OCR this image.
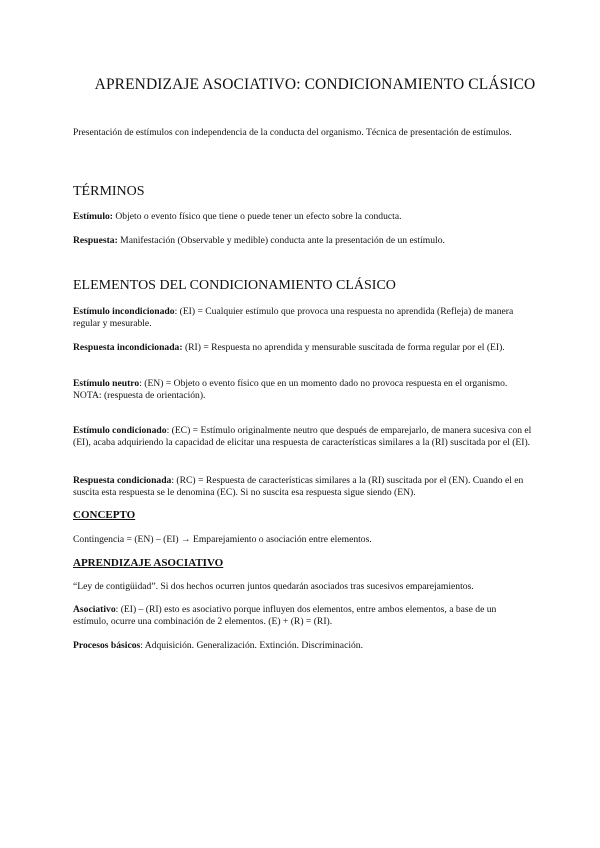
APRENDIZAJE ASOCIATIVO: CONDICIONAMIENTO CLÁSICO

Presentación de estímulos con independencia de la conducta del organismo. Técnica de presentación de estímulos.

TÉRMINOS

Estímulo: Objeto o evento físico que tiene o puede tener un efecto sobre la conducta.

Respuesta: Manifestación (Observable y medible) conducta ante la presentación de un estímulo.

ELEMENTOS DEL CONDICIONAMIENTO CLÁSICO

Estímulo incondicionado: (EI) = Cualquier estímulo que provoca una respuesta no aprendida (Refleja) de manera regular y mesurable.

Respuesta incondicionada: (RI) = Respuesta no aprendida y mensurable suscitada de forma regular por el (EI).

Estímulo neutro: (EN) = Objeto o evento físico que en un momento dado no provoca respuesta en el organismo.
NOTA: (respuesta de orientación).

Estímulo condicionado: (EC) = Estímulo originalmente neutro que después de emparejarlo, de manera sucesiva con el (EI), acaba adquiriendo la capacidad de elicitar una respuesta de características similares a la (RI) suscitada por el (EI).

Respuesta condicionada: (RC) = Respuesta de características similares a la (RI) suscitada por el (EN). Cuando el en suscita esta respuesta se le denomina (EC). Si no suscita esa respuesta sigue siendo (EN).

CONCEPTO

Contingencia = (EN) – (EI) → Emparejamiento o asociación entre elementos.

APRENDIZAJE ASOCIATIVO

“Ley de contigüidad”. Si dos hechos ocurren juntos quedarán asociados tras sucesivos emparejamientos.

Asociativo: (EI) – (RI) esto es asociativo porque influyen dos elementos, entre ambos elementos, a base de un estímulo, ocurre una combinación de 2 elementos. (E) + (R) = (RI).

Procesos básicos: Adquisición. Generalización. Extinción. Discriminación.
